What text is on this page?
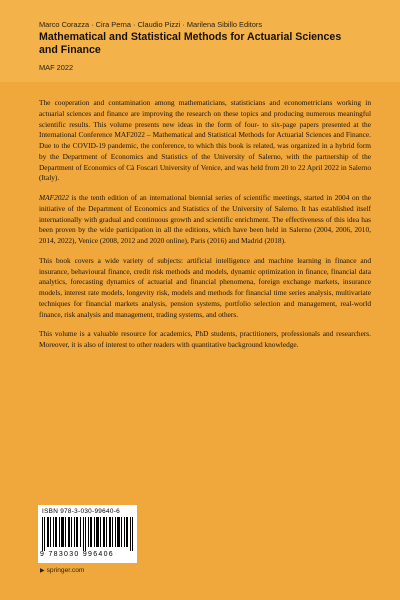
Marco Corazza · Cira Perna · Claudio Pizzi · Marilena Sibillo Editors
Mathematical and Statistical Methods for Actuarial Sciences and Finance
MAF 2022

The cooperation and contamination among mathematicians, statisticians and econometricians working in actuarial sciences and finance are improving the research on these topics and producing numerous meaningful scientific results. This volume presents new ideas in the form of four- to six-page papers presented at the International Conference MAF2022 – Mathematical and Statistical Methods for Actuarial Sciences and Finance. Due to the COVID-19 pandemic, the conference, to which this book is related, was organized in a hybrid form by the Department of Economics and Statistics of the University of Salerno, with the partnership of the Department of Economics of Cà Foscari University of Venice, and was held from 20 to 22 April 2022 in Salerno (Italy).

MAF2022 is the tenth edition of an international biennial series of scientific meetings, started in 2004 on the initiative of the Department of Economics and Statistics of the University of Salerno. It has established itself internationally with gradual and continuous growth and scientific enrichment. The effectiveness of this idea has been proven by the wide participation in all the editions, which have been held in Salerno (2004, 2006, 2010, 2014, 2022), Venice (2008, 2012 and 2020 online), Paris (2016) and Madrid (2018).

This book covers a wide variety of subjects: artificial intelligence and machine learning in finance and insurance, behavioural finance, credit risk methods and models, dynamic optimization in finance, financial data analytics, forecasting dynamics of actuarial and financial phenomena, foreign exchange markets, insurance models, interest rate models, longevity risk, models and methods for financial time series analysis, multivariate techniques for financial markets analysis, pension systems, portfolio selection and management, real-world finance, risk analysis and management, trading systems, and others.

This volume is a valuable resource for academics, PhD students, practitioners, professionals and researchers. Moreover, it is also of interest to other readers with quantitative background knowledge.

ISBN 978-3-030-99640-6
9 783030 996406
▶ springer.com
